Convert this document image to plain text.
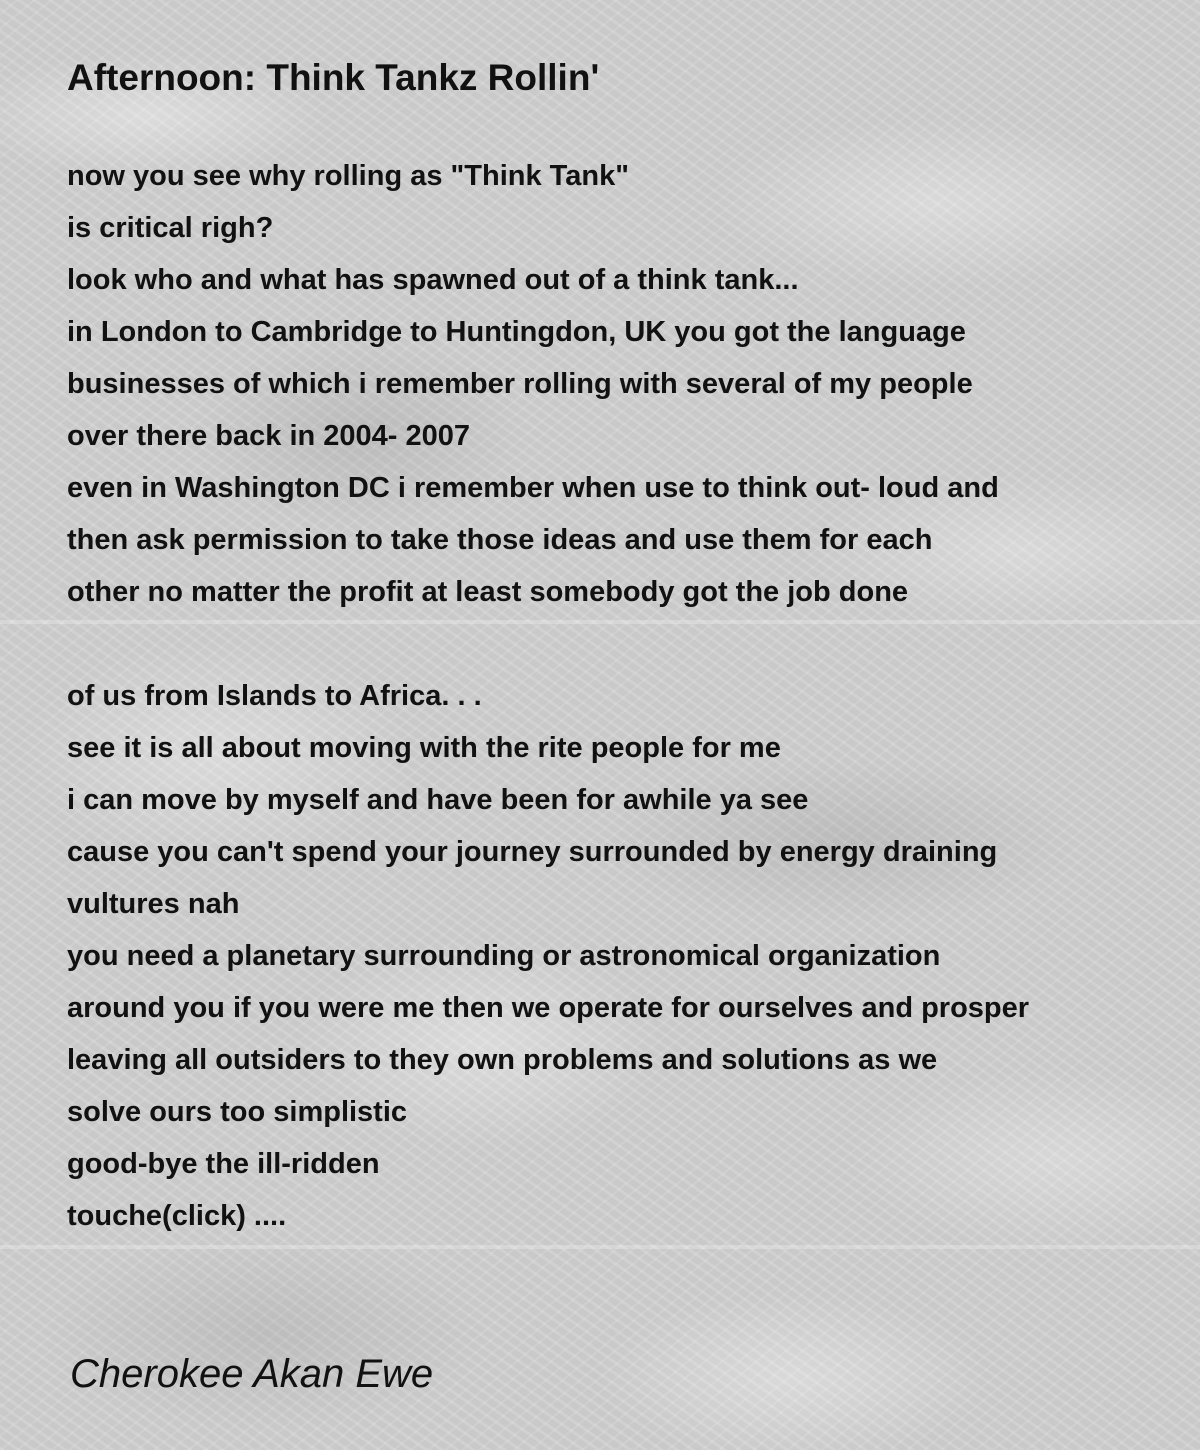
Afternoon: Think Tankz Rollin'
now you see why rolling as "Think Tank"
is critical righ?
look who and what has spawned out of a think tank...
in London to Cambridge to Huntingdon, UK you got the language
businesses of which i remember rolling with several of my people
over there back in 2004- 2007
even in Washington DC i remember when use to think out- loud and
then ask permission to take those ideas and use them for each
other no matter the profit at least somebody got the job done
of us from Islands to Africa. . .
see it is all about moving with the rite people for me
i can move by myself and have been for awhile ya see
cause you can't spend your journey surrounded by energy draining
vultures nah
you need a planetary surrounding or astronomical organization
around you if you were me then we operate for ourselves and prosper
leaving all outsiders to they own problems and solutions as we
solve ours too simplistic
good-bye the ill-ridden
touche(click) ....

Cherokee Akan Ewe
